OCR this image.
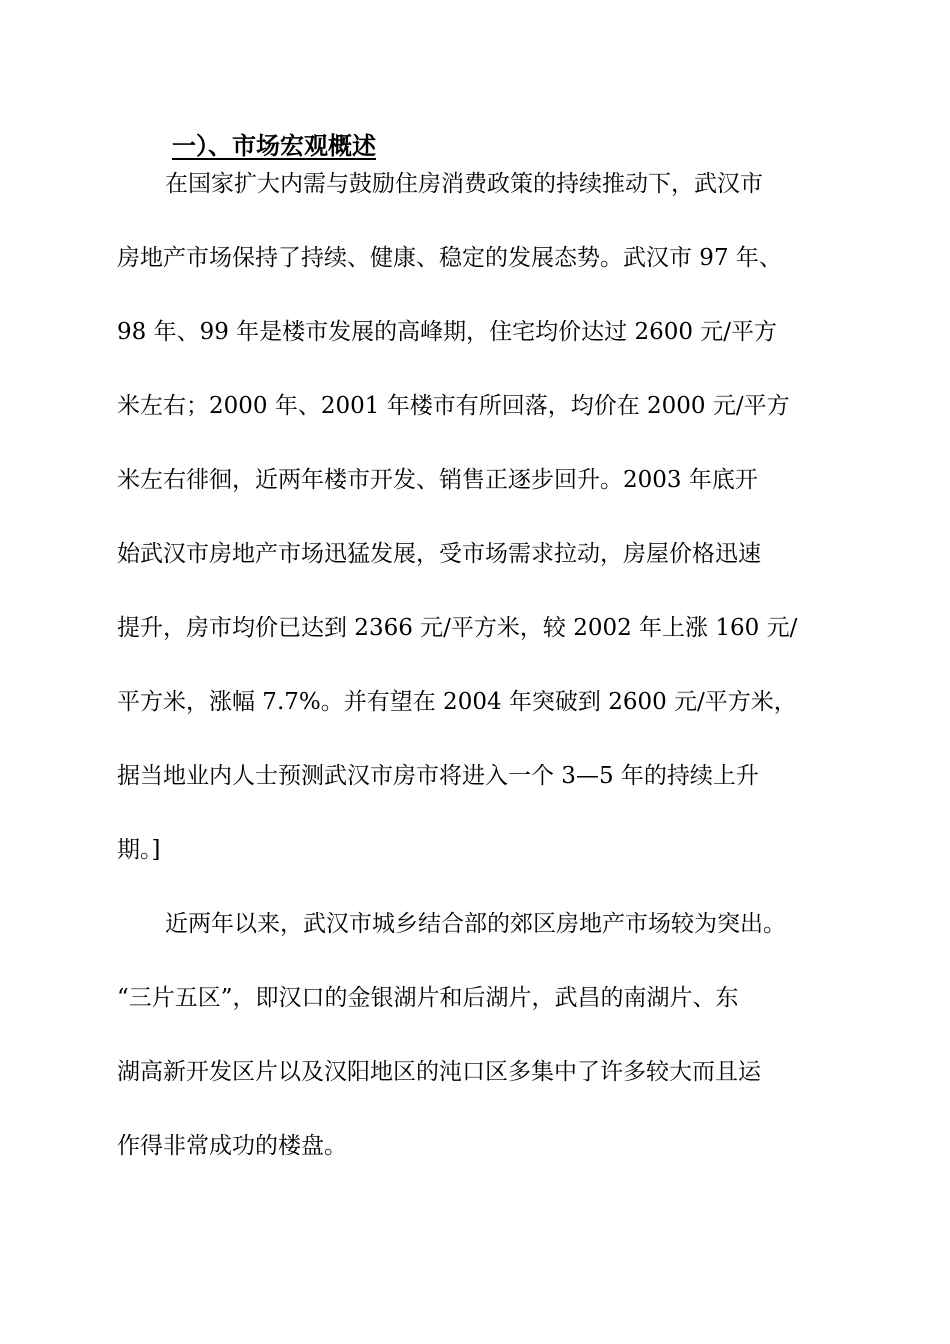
一）、市场宏观概述
在国家扩大内需与鼓励住房消费政策的持续推动下，武汉市
房地产市场保持了持续、健康、稳定的发展态势。武汉市 97 年、
98 年、99 年是楼市发展的高峰期，住宅均价达过 2600 元/平方
米左右；2000 年、2001 年楼市有所回落，均价在 2000 元/平方
米左右徘徊，近两年楼市开发、销售正逐步回升。2003 年底开
始武汉市房地产市场迅猛发展，受市场需求拉动，房屋价格迅速
提升，房市均价已达到 2366 元/平方米，较 2002 年上涨 160 元/
平方米，涨幅 7.7%。并有望在 2004 年突破到 2600 元/平方米，
据当地业内人士预测武汉市房市将进入一个 3—5 年的持续上升
期。]
近两年以来，武汉市城乡结合部的郊区房地产市场较为突出。
“三片五区”，即汉口的金银湖片和后湖片，武昌的南湖片、东
湖高新开发区片以及汉阳地区的沌口区多集中了许多较大而且运
作得非常成功的楼盘。
